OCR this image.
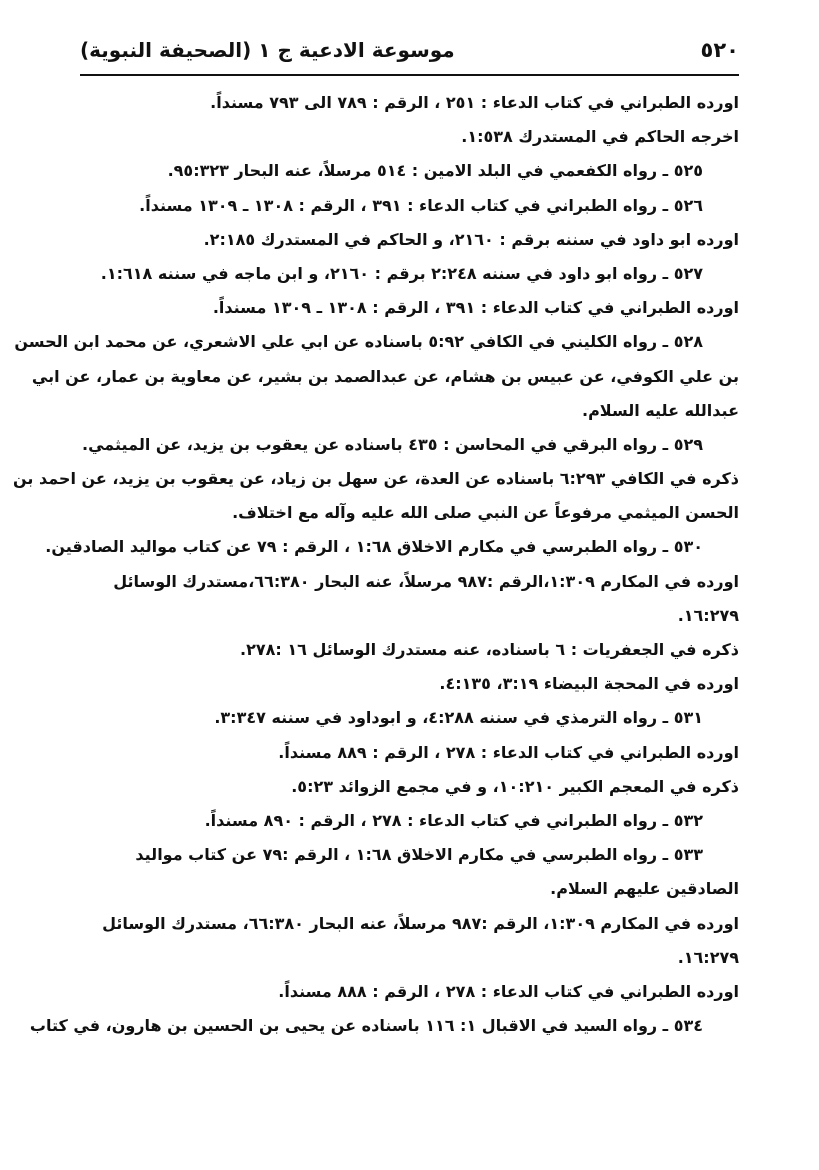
٥٢٠
موسوعة الادعية ج ١ (الصحيفة النبوية)
اورده الطبراني في كتاب الدعاء : ٢٥١ ، الرقم : ٧٨٩ الى ٧٩٣ مسنداً.
اخرجه الحاكم في المستدرك ١:٥٣٨.
٥٢٥ ـ رواه الكفعمي في البلد الامين : ٥١٤ مرسلاً، عنه البحار ٩٥:٣٢٣.
٥٢٦ ـ رواه الطبراني في كتاب الدعاء : ٣٩١ ، الرقم : ١٣٠٨ ـ ١٣٠٩ مسنداً.
اورده ابو داود في سننه برقم : ٢١٦٠، و الحاكم في المستدرك ٢:١٨٥.
٥٢٧ ـ رواه ابو داود في سننه ٢:٢٤٨ برقم : ٢١٦٠، و ابن ماجه في سننه ١:٦١٨.
اورده الطبراني في كتاب الدعاء : ٣٩١ ، الرقم : ١٣٠٨ ـ ١٣٠٩ مسنداً.
٥٢٨ ـ رواه الكليني في الكافي ٥:٩٢ باسناده عن ابي علي الاشعري، عن محمد ابن الحسن
بن علي الكوفي، عن عبيس بن هشام، عن عبدالصمد بن بشير، عن معاوية بن عمار، عن ابي
عبدالله عليه السلام.
٥٢٩ ـ رواه البرقي في المحاسن : ٤٣٥ باسناده عن يعقوب بن يزيد، عن الميثمي.
ذكره في الكافي ٦:٢٩٣ باسناده عن العدة، عن سهل بن زياد، عن يعقوب بن يزيد، عن احمد بن
الحسن الميثمي مرفوعاً عن النبي صلى الله عليه وآله مع اختلاف.
٥٣٠ ـ رواه الطبرسي في مكارم الاخلاق ١:٦٨ ، الرقم : ٧٩ عن كتاب مواليد الصادقين.
اورده في المكارم ١:٣٠٩،الرقم :٩٨٧ مرسلاً، عنه البحار ٦٦:٣٨٠،مستدرك الوسائل
١٦:٢٧٩.
ذكره في الجعفريات : ٦ باسناده، عنه مستدرك الوسائل ١٦ :٢٧٨.
اورده في المحجة البيضاء ٣:١٩، ٤:١٣٥.
٥٣١ ـ رواه الترمذي في سننه ٤:٢٨٨، و ابوداود في سننه ٣:٣٤٧.
اورده الطبراني في كتاب الدعاء : ٢٧٨ ، الرقم : ٨٨٩ مسنداً.
ذكره في المعجم الكبير ١٠:٢١٠، و في مجمع الزوائد ٥:٢٣.
٥٣٢ ـ رواه الطبراني في كتاب الدعاء : ٢٧٨ ، الرقم : ٨٩٠ مسنداً.
٥٣٣ ـ رواه الطبرسي في مكارم الاخلاق ١:٦٨ ، الرقم :٧٩ عن كتاب مواليد
الصادقين عليهم السلام.
اورده في المكارم ١:٣٠٩، الرقم :٩٨٧ مرسلاً، عنه البحار ٦٦:٣٨٠، مستدرك الوسائل
١٦:٢٧٩.
اورده الطبراني في كتاب الدعاء : ٢٧٨ ، الرقم : ٨٨٨ مسنداً.
٥٣٤ ـ رواه السيد في الاقبال ١: ١١٦ باسناده عن يحيى بن الحسين بن هارون، في كتاب
